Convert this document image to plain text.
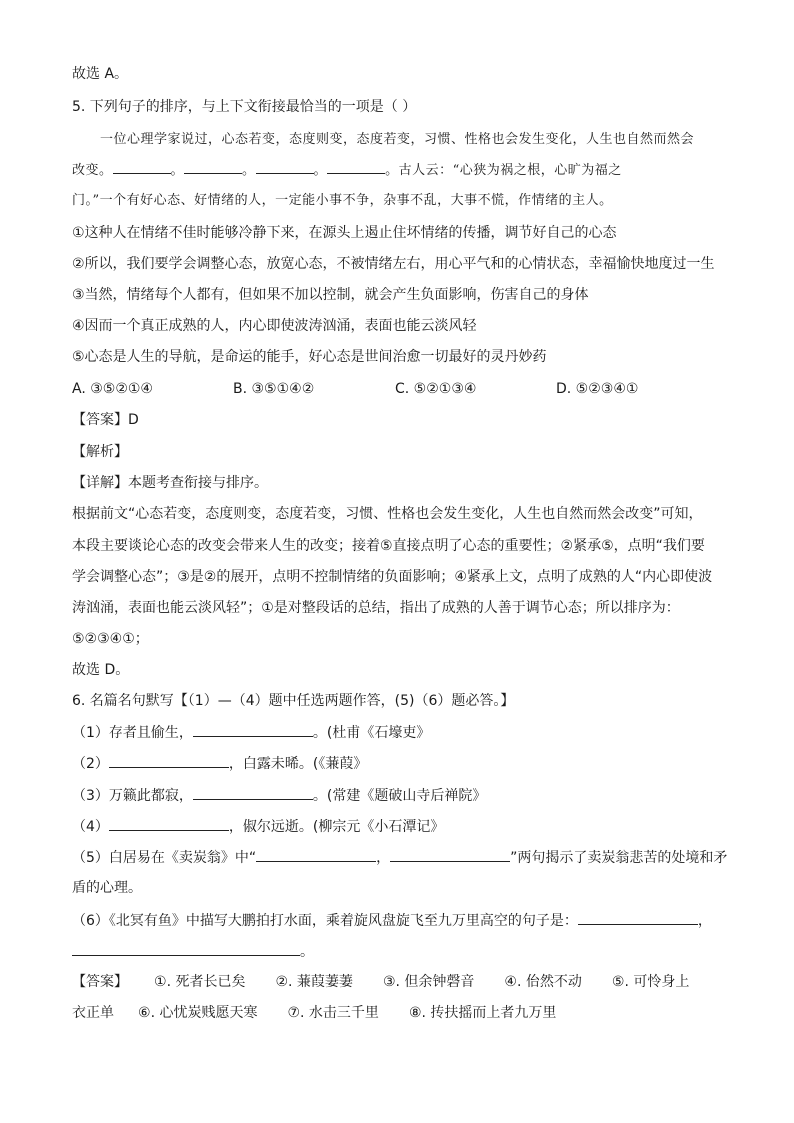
故选 A。
5. 下列句子的排序，与上下文衔接最恰当的一项是（ ）
一位心理学家说过，心态若变，态度则变，态度若变，习惯、性格也会发生变化，人生也自然而然会
改变。	。	。	。	。古人云：“心狭为祸之根，心旷为福之
门。”一个有好心态、好情绪的人，一定能小事不争，杂事不乱，大事不慌，作情绪的主人。
①这种人在情绪不佳时能够冷静下来，在源头上遏止住坏情绪的传播，调节好自己的心态
②所以，我们要学会调整心态，放宽心态，不被情绪左右，用心平气和的心情状态，幸福愉快地度过一生
③当然，情绪每个人都有，但如果不加以控制，就会产生负面影响，伤害自己的身体
④因而一个真正成熟的人，内心即使波涛汹涌，表面也能云淡风轻
⑤心态是人生的导航，是命运的能手，好心态是世间治愈一切最好的灵丹妙药
A. ③⑤②①④	B. ③⑤①④②	C. ⑤②①③④	D. ⑤②③④①
【答案】D
【解析】
【详解】本题考查衔接与排序。
根据前文“心态若变，态度则变，态度若变，习惯、性格也会发生变化，人生也自然而然会改变”可知，
本段主要谈论心态的改变会带来人生的改变；接着⑤直接点明了心态的重要性；②紧承⑤，点明“我们要
学会调整心态”；③是②的展开，点明不控制情绪的负面影响；④紧承上文，点明了成熟的人“内心即使波
涛汹涌，表面也能云淡风轻”；①是对整段话的总结，指出了成熟的人善于调节心态；所以排序为：
⑤②③④①；
故选 D。
6. 名篇名句默写【（1）—（4）题中任选两题作答，(5)（6）题必答。】
（1）存者且偷生，	。(杜甫《石壕吏》
（2）	，白露未晞。(《蒹葭》
（3）万籁此都寂，	。(常建《题破山寺后禅院》
（4）	，俶尔远逝。(柳宗元《小石潭记》
（5）白居易在《卖炭翁》中“	，	”两句揭示了卖炭翁悲苦的处境和矛
盾的心理。
（6）《北冥有鱼》中描写大鹏拍打水面，乘着旋风盘旋飞至九万里高空的句子是：	，
。
【答案】 ①. 死者长已矣 ②. 蒹葭萋萋 ③. 但余钟磬音 ④. 佁然不动 ⑤. 可怜身上
衣正单 ⑥. 心忧炭贱愿天寒 ⑦. 水击三千里 ⑧. 抟扶摇而上者九万里
